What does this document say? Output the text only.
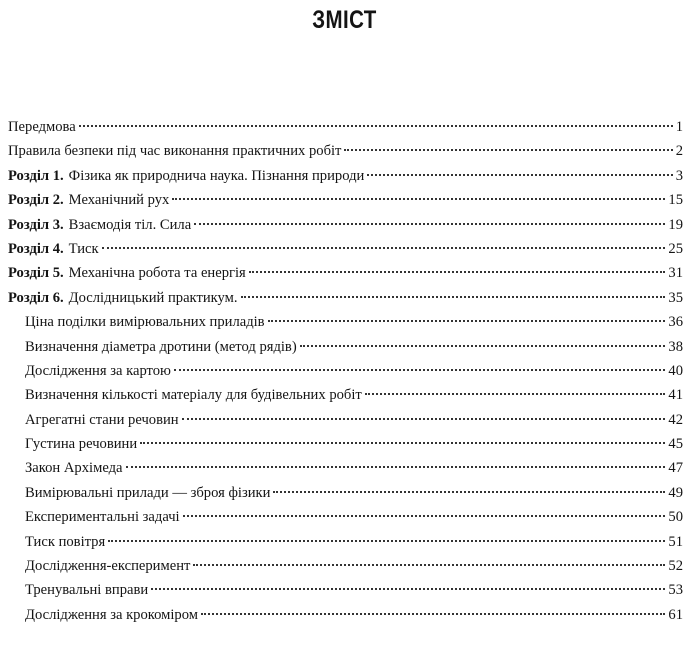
ЗМІСТ
Передмова	1
Правила безпеки під час виконання практичних робіт	2
Розділ 1. Фізика як природнича наука. Пізнання природи	3
Розділ 2. Механічний рух	15
Розділ 3. Взаємодія тіл. Сила	19
Розділ 4. Тиск	25
Розділ 5. Механічна робота та енергія	31
Розділ 6. Дослідницький практикум.	35
Ціна поділки вимірювальних приладів	36
Визначення діаметра дротини (метод рядів)	38
Дослідження за картою	40
Визначення кількості матеріалу для будівельних робіт	41
Агрегатні стани речовин	42
Густина речовини	45
Закон Архімеда	47
Вимірювальні прилади — зброя фізики	49
Експериментальні задачі	50
Тиск повітря	51
Дослідження-експеримент	52
Тренувальні вправи	53
Дослідження за крокоміром	61
